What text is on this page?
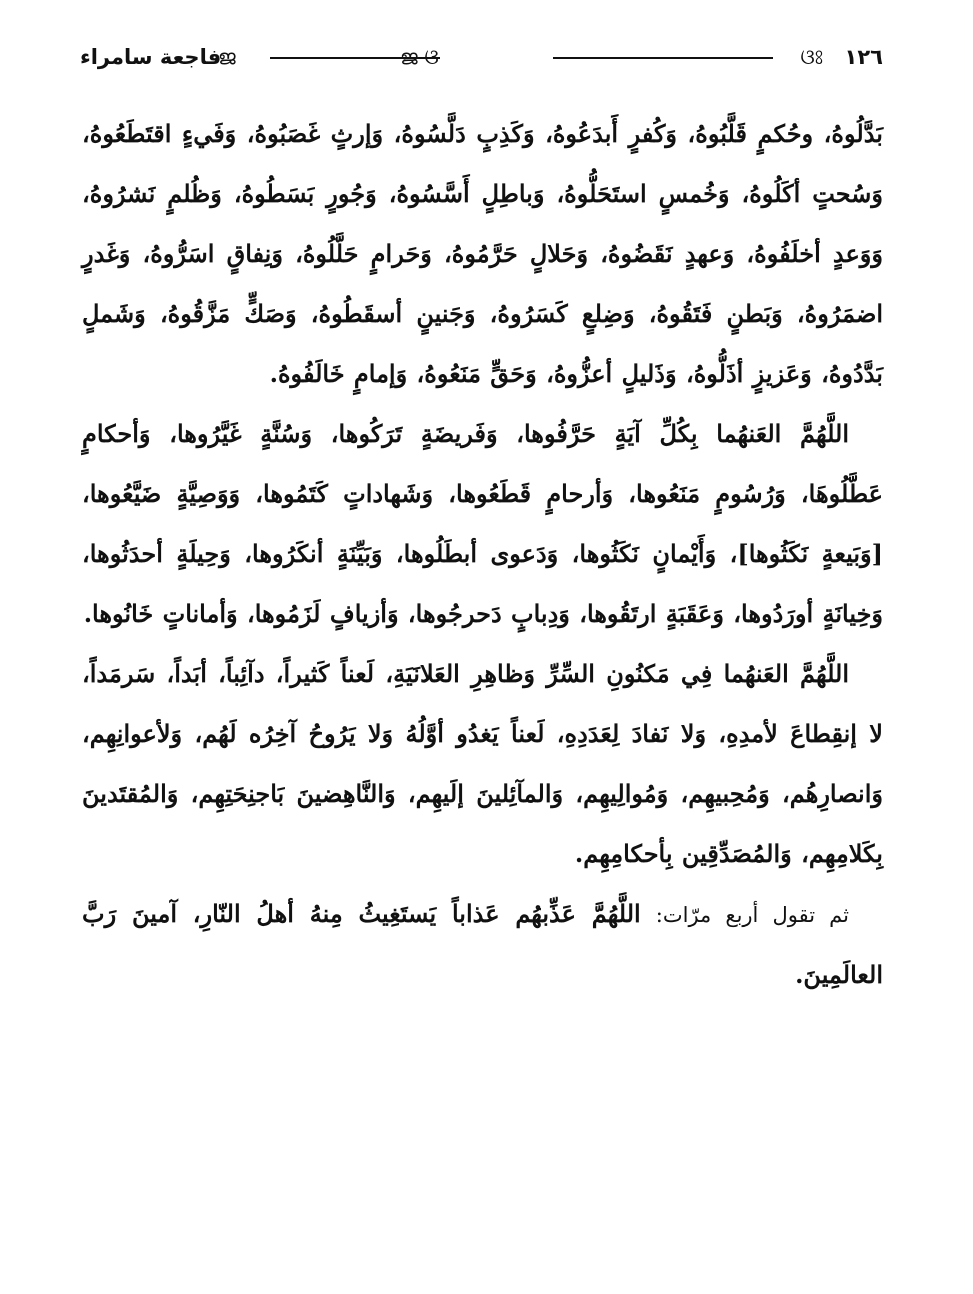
١٢٦
ଓଃ
ജ ଓ
ജ
فاجعة سامراء

بَدَّلُوهُ، وحُكمٍ قَلَّبُوهُ، وَكُفرٍ أَبدَعُوهُ، وَكَذِبٍ دَلَّسُوهُ، وَإرثٍ غَصَبُوهُ، وَفَيءٍ اقتَطَعُوهُ، وَسُحتٍ أكَلُوهُ، وَخُمسٍ استَحَلُّوهُ، وَباطِلٍ أَسَّسُوهُ، وَجُورٍ بَسَطُوهُ، وَظُلمٍ نَشرُوهُ، وَوَعدٍ أخلَفُوهُ، وَعهدٍ نَقَضُوهُ، وَحَلالٍ حَرَّمُوهُ، وَحَرامٍ حَلَّلُوهُ، وَنِفاقٍ اسَرُّوهُ، وَغَدرٍ اضمَرُوهُ، وَبَطنٍ فَتَقُوهُ، وَضِلعٍ كَسَرُوهُ، وَجَنينٍ أسقَطُوهُ، وَصَكٍّ مَزَّقُوهُ، وَشَملٍ بَدَّدُوهُ، وَعَزيزٍ أذَلُّوهُ، وَذَليلٍ أعزُّوهُ، وَحَقٍّ مَنَعُوهُ، وَإمامٍ خَالَفُوهُ.

اللَّهُمَّ العَنهُما بِكُلِّ آيَةٍ حَرَّفُوها، وَفَريضَةٍ تَرَكُوها، وَسُنَّةٍ غَيَّرُوها، وَأحكامٍ عَطَّلُوهَا، وَرُسُومٍ مَنَعُوها، وَأرحامٍ قَطَعُوها، وَشَهاداتٍ كَتَمُوها، وَوَصِيَّةٍ ضَيَّعُوها، [وَبَيعةٍ نَكَثُوها]، وَأَيْمانٍ نَكَثُوها، وَدَعوى أبطَلُوها، وَبَيِّنَةٍ أنكَرُوها، وَحِيلَةٍ أحدَثُوها، وَخِيانَةٍ أورَدُوها، وَعَقَبَةٍ ارتَقُوها، وَدِبابٍ دَحرجُوها، وَأزيافٍ لَزَمُوها، وَأماناتٍ خَانُوها.

اللَّهُمَّ العَنهُما فِي مَكنُونِ السِّرِّ وَظاهِرِ العَلانَيَةِ، لَعناً كَثيراً، دآئِباً، أبَداً، سَرمَداً، لا إنقِطاعَ لأمدِهِ، وَلا نَفادَ لِعَدَدِهِ، لَعناً يَغدُو أوَّلُهُ وَلا يَرُوحُ آخِرُه لَهُم، وَلأعوانِهِم، وَانصارِهُم، وَمُحِبيهِم، وَمُوالِيهِم، وَالمآئِلينَ إلَيهِم، وَالنَّاهِضينَ بَاجنِحَتِهِم، وَالمُقتَدينَ بِكَلامِهِم، وَالمُصَدِّقِين بِأحكامِهِم.

ثم تقول أربع مرّات: اللَّهُمَّ عَذِّبهُم عَذاباً يَستَغِيثُ مِنهُ أهلُ النّارِ، آمينَ رَبَّ العالَمِينَ.
